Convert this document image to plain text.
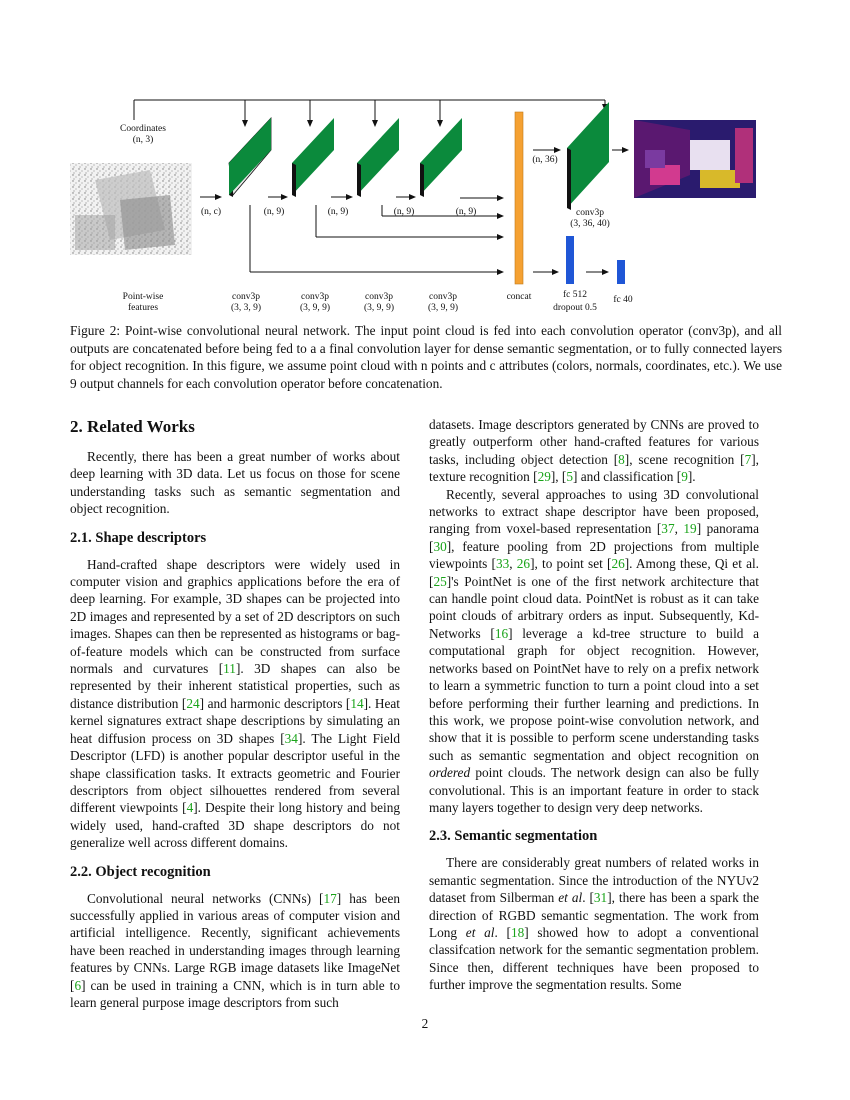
Coordinates
(n, 3)
(n, c)	(n, 9)	(n, 9)	(n, 9)	(n, 9)
(n, 36)
conv3p
(3, 36, 40)
Point-wise
features
conv3p
(3, 3, 9)
conv3p
(3, 9, 9)
conv3p
(3, 9, 9)
conv3p
(3, 9, 9)
concat	fc 512
dropout 0.5
fc 40
Figure 2: Point-wise convolutional neural network. The input point cloud is fed into each convolution operator (conv3p), and all outputs are concatenated before being fed to a a final convolution layer for dense semantic segmentation, or to fully connected layers for object recognition. In this figure, we assume point cloud with n points and c attributes (colors, normals, coordinates, etc.). We use 9 output channels for each convolution operator before concatenation.
2. Related Works

Recently, there has been a great number of works about deep learning with 3D data. Let us focus on those for scene understanding tasks such as semantic segmentation and object recognition.

2.1. Shape descriptors

Hand-crafted shape descriptors were widely used in computer vision and graphics applications before the era of deep learning. For example, 3D shapes can be projected into 2D images and represented by a set of 2D descriptors on such images. Shapes can then be represented as histograms or bag-of-feature models which can be constructed from surface normals and curvatures [11]. 3D shapes can also be represented by their inherent statistical properties, such as distance distribution [24] and harmonic descriptors [14]. Heat kernel signatures extract shape descriptions by simulating an heat diffusion process on 3D shapes [34]. The Light Field Descriptor (LFD) is another popular descriptor useful in the shape classification tasks. It extracts geometric and Fourier descriptors from object silhouettes rendered from several different viewpoints [4]. Despite their long history and being widely used, hand-crafted 3D shape descriptors do not generalize well across different domains.

2.2. Object recognition

Convolutional neural networks (CNNs) [17] has been successfully applied in various areas of computer vision and artificial intelligence. Recently, significant achievements have been reached in understanding images through learning features by CNNs. Large RGB image datasets like ImageNet [6] can be used in training a CNN, which is in turn able to learn general purpose image descriptors from such

datasets. Image descriptors generated by CNNs are proved to greatly outperform other hand-crafted features for various tasks, including object detection [8], scene recognition [7], texture recognition [29], [5] and classification [9].

Recently, several approaches to using 3D convolutional networks to extract shape descriptor have been proposed, ranging from voxel-based representation [37, 19] panorama [30], feature pooling from 2D projections from multiple viewpoints [33, 26], to point set [26]. Among these, Qi et al. [25]'s PointNet is one of the first network architecture that can handle point cloud data. PointNet is robust as it can take point clouds of arbitrary orders as input. Subsequently, Kd-Networks [16] leverage a kd-tree structure to build a computational graph for object recognition. However, networks based on PointNet have to rely on a prefix network to learn a symmetric function to turn a point cloud into a set before performing their further learning and predictions. In this work, we propose point-wise convolution network, and show that it is possible to perform scene understanding tasks such as semantic segmentation and object recognition on ordered point clouds. The network design can also be fully convolutional. This is an important feature in order to stack many layers together to design very deep networks.

2.3. Semantic segmentation

There are considerably great numbers of related works in semantic segmentation. Since the introduction of the NYUv2 dataset from Silberman et al. [31], there has been a spark the direction of RGBD semantic segmentation. The work from Long et al. [18] showed how to adopt a conventional classifcation network for the semantic segmentation problem. Since then, different techniques have been proposed to further improve the segmentation results. Some

2
